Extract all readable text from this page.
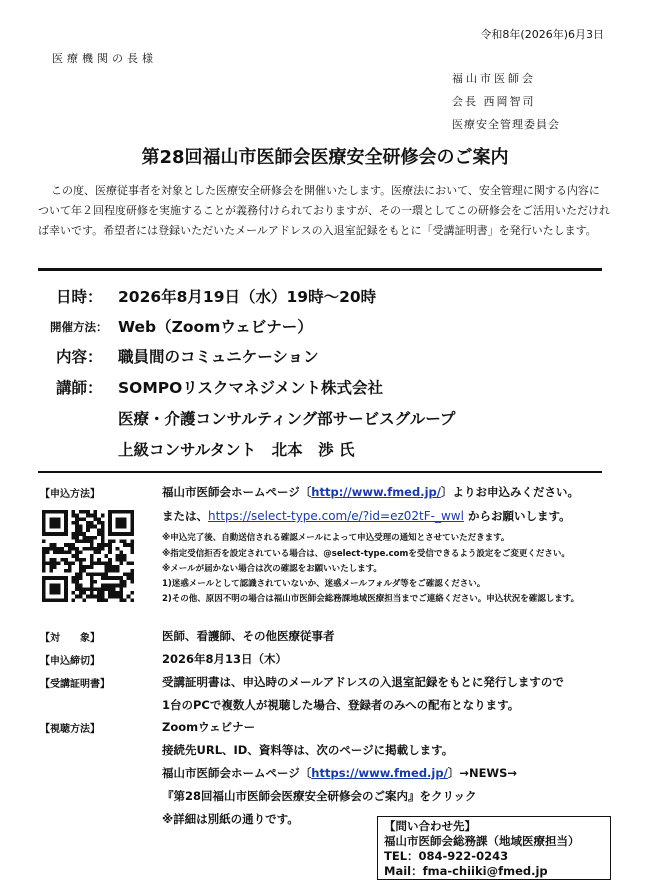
令和8年(2026年)6月3日
医療機関の長様
福山市医師会
会長 西岡智司
医療安全管理委員会
第28回福山市医師会医療安全研修会のご案内
この度、医療従事者を対象とした医療安全研修会を開催いたします。医療法において、安全管理に関する内容について年２回程度研修を実施することが義務付けられておりますが、その一環としてこの研修会をご活用いただければ幸いです。希望者には登録いただいたメールアドレスの入退室記録をもとに「受講証明書」を発行いたします。
日時： 2026年8月19日（水）19時～20時
開催方法： Web（Zoomウェビナー）
内容： 職員間のコミュニケーション
講師： SOMPOリスクマネジメント株式会社
医療・介護コンサルティング部サービスグループ
上級コンサルタント　北本　渉 氏
【申込方法】	福山市医師会ホームページ〔http://www.fmed.jp/〕よりお申込みください。
または、https://select-type.com/e/?id=ez02tF-_wwl からお願いします。
※申込完了後、自動送信される確認メールによって申込受理の通知とさせていただきます。
※指定受信拒否を設定されている場合は、@select-type.comを受信できるよう設定をご変更ください。
※メールが届かない場合は次の確認をお願いいたします。
1)迷惑メールとして認識されていないか、迷惑メールフォルダ等をご確認ください。
2)その他、原因不明の場合は福山市医師会総務課地域医療担当までご連絡ください。申込状況を確認します。
【対　　象】	医師、看護師、その他医療従事者
【申込締切】	2026年8月13日（木）
【受講証明書】	受講証明書は、申込時のメールアドレスの入退室記録をもとに発行しますので
1台のPCで複数人が視聴した場合、登録者のみへの配布となります。
【視聴方法】	Zoomウェビナー
接続先URL、ID、資料等は、次のページに掲載します。
福山市医師会ホームページ〔https://www.fmed.jp/〕→NEWS→
『第28回福山市医師会医療安全研修会のご案内』をクリック
※詳細は別紙の通りです。	【問い合わせ先】
福山市医師会総務課（地域医療担当）
TEL：084-922-0243
Mail：fma-chiiki@fmed.jp
